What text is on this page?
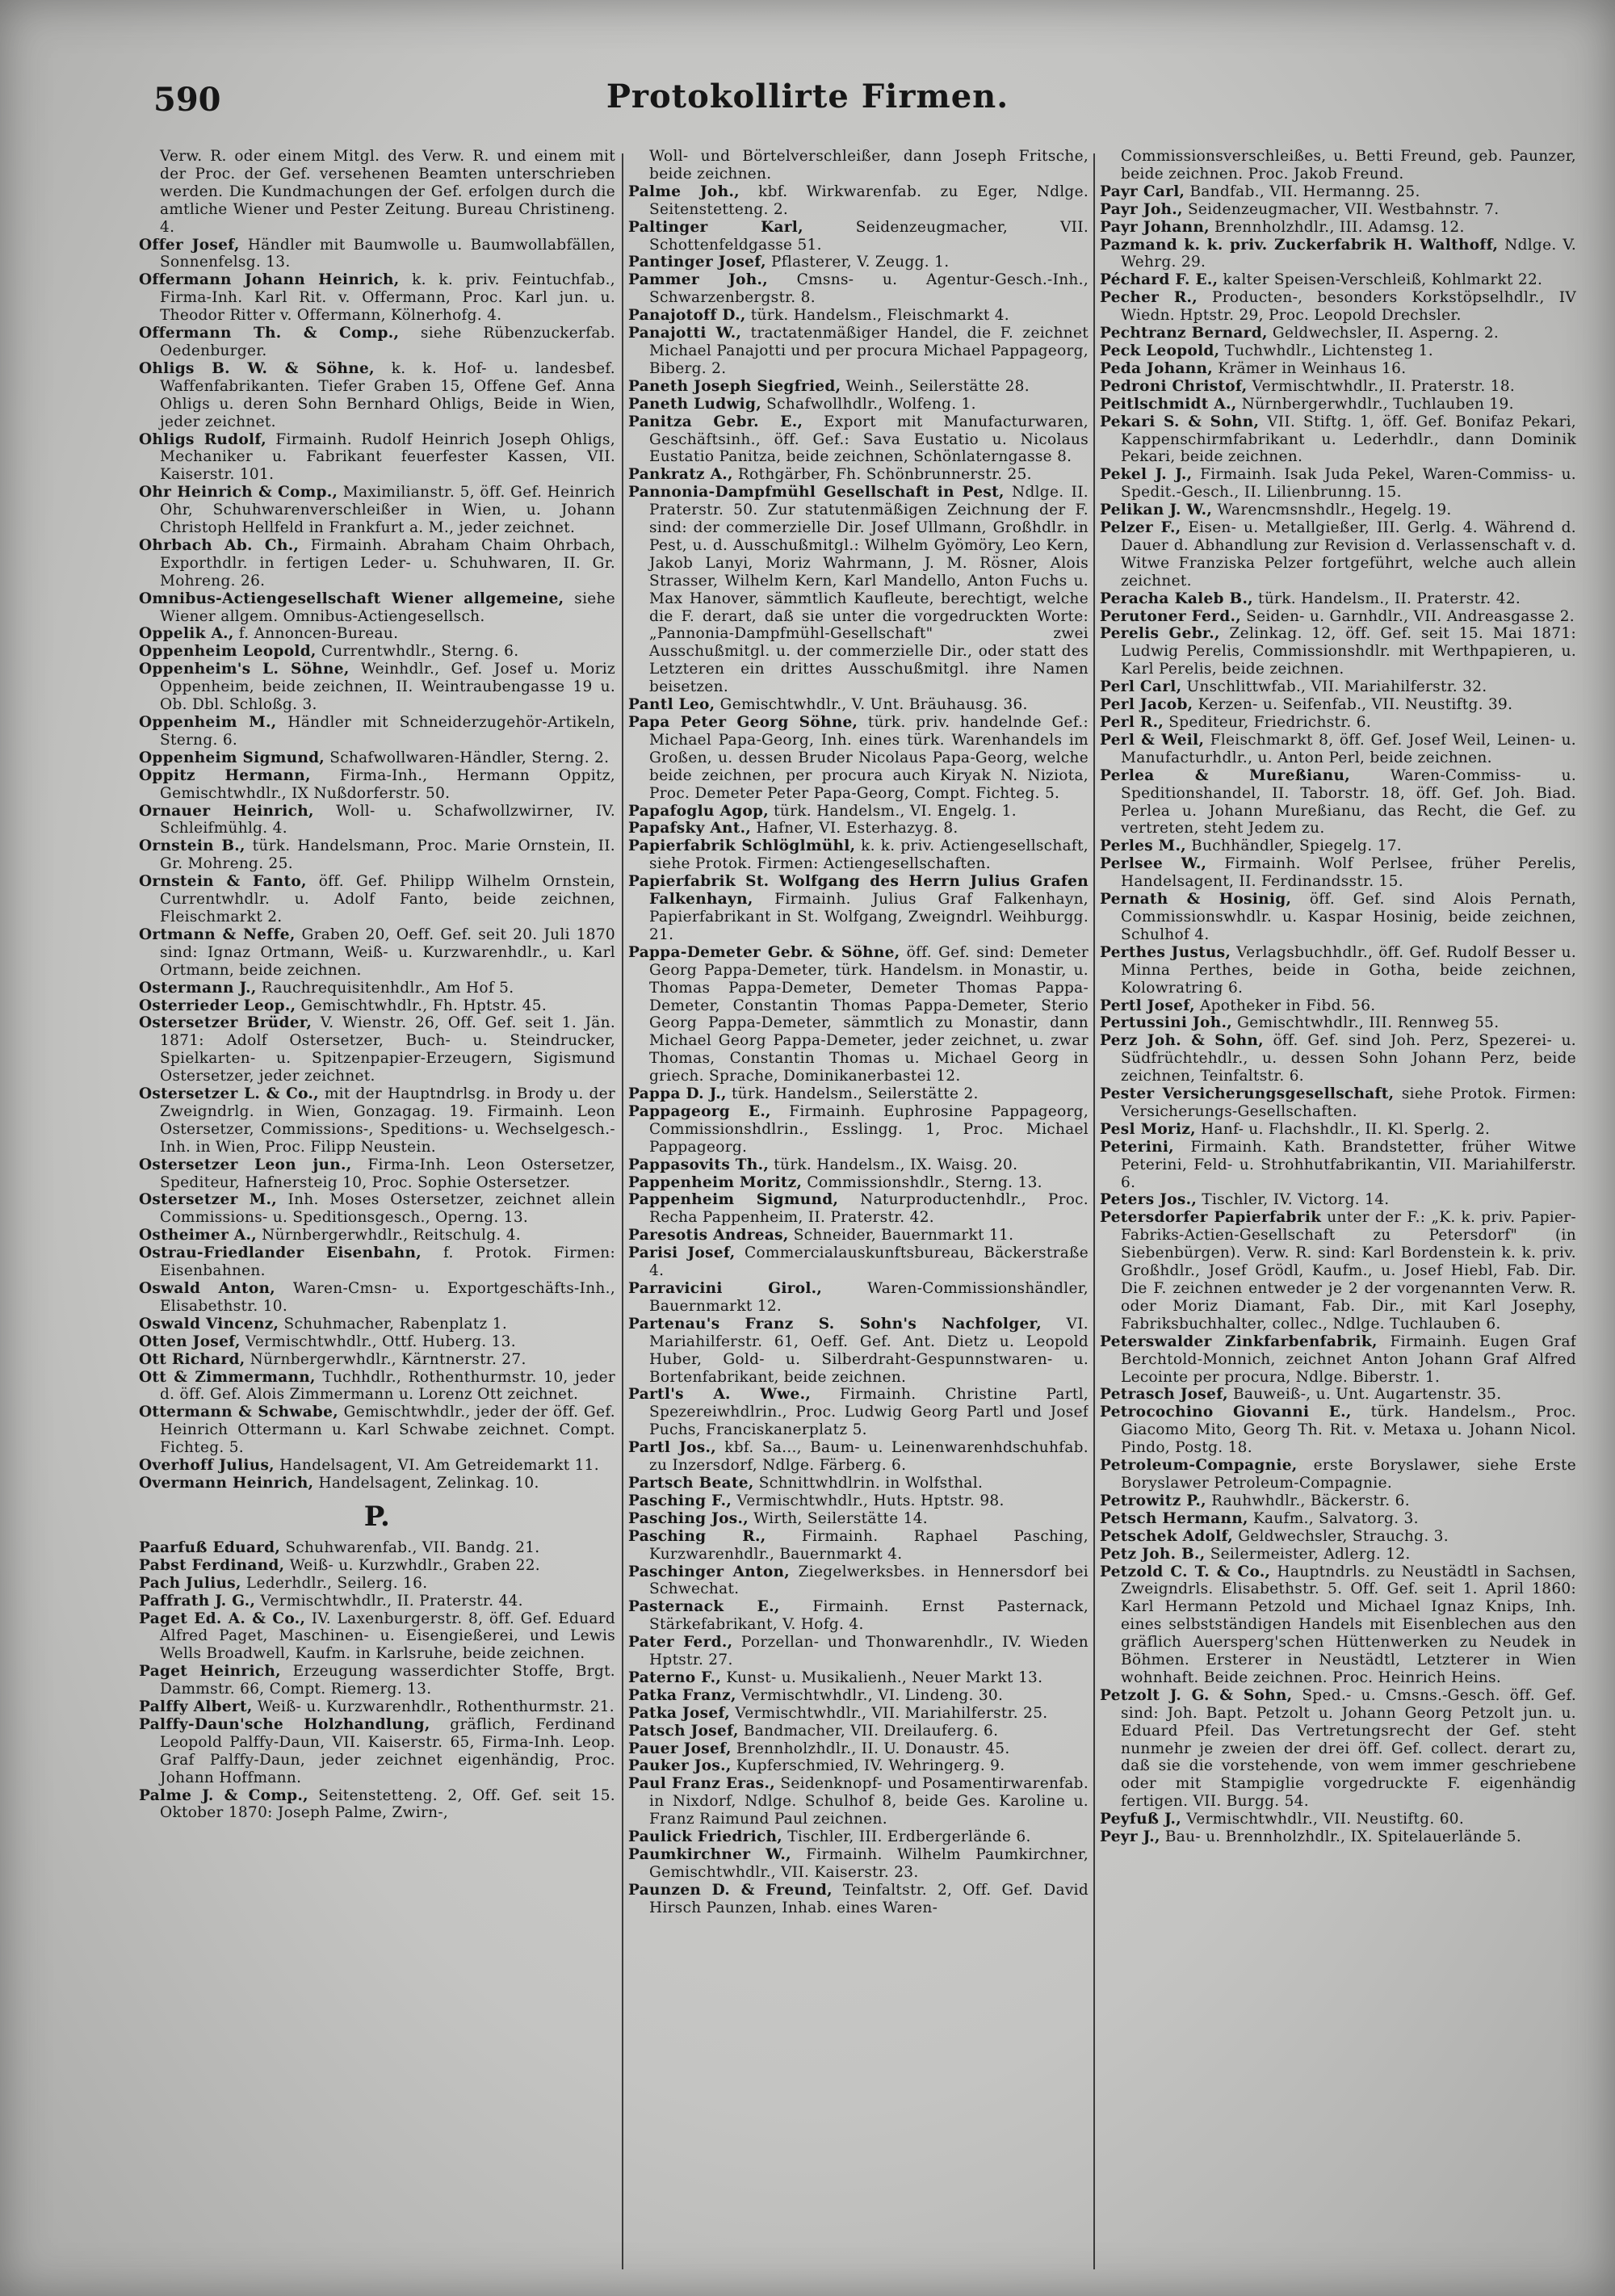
590	Protokollirte Firmen.

Verw. R. oder einem Mitgl. des Verw. R. und einem mit der Proc. der Gef. versehenen Beamten unterschrieben werden. Die Kundmachungen der Gef. erfolgen durch die amtliche Wiener und Pester Zeitung. Bureau Christineng. 4.

Offer Josef, Händler mit Baumwolle u. Baumwollabfällen, Sonnenfelsg. 13.

Offermann Johann Heinrich, k. k. priv. Feintuchfab., Firma-Inh. Karl Rit. v. Offermann, Proc. Karl jun. u. Theodor Ritter v. Offermann, Kölnerhofg. 4.

Offermann Th. & Comp., siehe Rübenzuckerfab. Oedenburger.

Ohligs B. W. & Söhne, k. k. Hof- u. landesbef. Waffenfabrikanten. Tiefer Graben 15, Offene Gef. Anna Ohligs u. deren Sohn Bernhard Ohligs, Beide in Wien, jeder zeichnet.

Ohligs Rudolf, Firmainh. Rudolf Heinrich Joseph Ohligs, Mechaniker u. Fabrikant feuerfester Kassen, VII. Kaiserstr. 101.

Ohr Heinrich & Comp., Maximilianstr. 5, öff. Gef. Heinrich Ohr, Schuhwarenverschleißer in Wien, u. Johann Christoph Hellfeld in Frankfurt a. M., jeder zeichnet.

Ohrbach Ab. Ch., Firmainh. Abraham Chaim Ohrbach, Exporthdlr. in fertigen Leder- u. Schuhwaren, II. Gr. Mohreng. 26.

Omnibus-Actiengesellschaft Wiener allgemeine, siehe Wiener allgem. Omnibus-Actiengesellsch.

Oppelik A., f. Annoncen-Bureau.

Oppenheim Leopold, Currentwhdlr., Sterng. 6.

Oppenheim's L. Söhne, Weinhdlr., Gef. Josef u. Moriz Oppenheim, beide zeichnen, II. Weintraubengasse 19 u. Ob. Dbl. Schloßg. 3.

Oppenheim M., Händler mit Schneiderzugehör-Artikeln, Sterng. 6.

Oppenheim Sigmund, Schafwollwaren-Händler, Sterng. 2.

Oppitz Hermann, Firma-Inh., Hermann Oppitz, Gemischtwhdlr., IX Nußdorferstr. 50.

Ornauer Heinrich, Woll- u. Schafwollzwirner, IV. Schleifmühlg. 4.

Ornstein B., türk. Handelsmann, Proc. Marie Ornstein, II. Gr. Mohreng. 25.

Ornstein & Fanto, öff. Gef. Philipp Wilhelm Ornstein, Currentwhdlr. u. Adolf Fanto, beide zeichnen, Fleischmarkt 2.

Ortmann & Neffe, Graben 20, Oeff. Gef. seit 20. Juli 1870 sind: Ignaz Ortmann, Weiß- u. Kurzwarenhdlr., u. Karl Ortmann, beide zeichnen.

Ostermann J., Rauchrequisitenhdlr., Am Hof 5.

Osterrieder Leop., Gemischtwhdlr., Fh. Hptstr. 45.

Ostersetzer Brüder, V. Wienstr. 26, Off. Gef. seit 1. Jän. 1871: Adolf Ostersetzer, Buch- u. Steindrucker, Spielkarten- u. Spitzenpapier-Erzeugern, Sigismund Ostersetzer, jeder zeichnet.

Ostersetzer L. & Co., mit der Hauptndrlsg. in Brody u. der Zweigndrlg. in Wien, Gonzagag. 19. Firmainh. Leon Ostersetzer, Commissions-, Speditions- u. Wechselgesch.-Inh. in Wien, Proc. Filipp Neustein.

Ostersetzer Leon jun., Firma-Inh. Leon Ostersetzer, Spediteur, Hafnersteig 10, Proc. Sophie Ostersetzer.

Ostersetzer M., Inh. Moses Ostersetzer, zeichnet allein Commissions- u. Speditionsgesch., Operng. 13.

Ostheimer A., Nürnbergerwhdlr., Reitschulg. 4.

Ostrau-Friedlander Eisenbahn, f. Protok. Firmen: Eisenbahnen.

Oswald Anton, Waren-Cmsn- u. Exportgeschäfts-Inh., Elisabethstr. 10.

Oswald Vincenz, Schuhmacher, Rabenplatz 1.

Otten Josef, Vermischtwhdlr., Ottf. Huberg. 13.

Ott Richard, Nürnbergerwhdlr., Kärntnerstr. 27.

Ott & Zimmermann, Tuchhdlr., Rothenthurmstr. 10, jeder d. öff. Gef. Alois Zimmermann u. Lorenz Ott zeichnet.

Ottermann & Schwabe, Gemischtwhdlr., jeder der öff. Gef. Heinrich Ottermann u. Karl Schwabe zeichnet. Compt. Fichteg. 5.

Overhoff Julius, Handelsagent, VI. Am Getreidemarkt 11.

Overmann Heinrich, Handelsagent, Zelinkag. 10.

P.

Paarfuß Eduard, Schuhwarenfab., VII. Bandg. 21.

Pabst Ferdinand, Weiß- u. Kurzwhdlr., Graben 22.

Pach Julius, Lederhdlr., Seilerg. 16.

Paffrath J. G., Vermischtwhdlr., II. Praterstr. 44.

Paget Ed. A. & Co., IV. Laxenburgerstr. 8, öff. Gef. Eduard Alfred Paget, Maschinen- u. Eisengießerei, und Lewis Wells Broadwell, Kaufm. in Karlsruhe, beide zeichnen.

Paget Heinrich, Erzeugung wasserdichter Stoffe, Brgt. Dammstr. 66, Compt. Riemerg. 13.

Palffy Albert, Weiß- u. Kurzwarenhdlr., Rothenthurmstr. 21.

Palffy-Daun'sche Holzhandlung, gräflich, Ferdinand Leopold Palffy-Daun, VII. Kaiserstr. 65, Firma-Inh. Leop. Graf Palffy-Daun, jeder zeichnet eigenhändig, Proc. Johann Hoffmann.

Palme J. & Comp., Seitenstetteng. 2, Off. Gef. seit 15. Oktober 1870: Joseph Palme, Zwirn-,

Woll- und Börtelverschleißer, dann Joseph Fritsche, beide zeichnen.

Palme Joh., kbf. Wirkwarenfab. zu Eger, Ndlge. Seitenstetteng. 2.

Paltinger Karl, Seidenzeugmacher, VII. Schottenfeldgasse 51.

Pantinger Josef, Pflasterer, V. Zeugg. 1.

Pammer Joh., Cmsns- u. Agentur-Gesch.-Inh., Schwarzenbergstr. 8.

Panajotoff D., türk. Handelsm., Fleischmarkt 4.

Panajotti W., tractatenmäßiger Handel, die F. zeichnet Michael Panajotti und per procura Michael Pappageorg, Biberg. 2.

Paneth Joseph Siegfried, Weinh., Seilerstätte 28.

Paneth Ludwig, Schafwollhdlr., Wolfeng. 1.

Panitza Gebr. E., Export mit Manufacturwaren, Geschäftsinh., öff. Gef.: Sava Eustatio u. Nicolaus Eustatio Panitza, beide zeichnen, Schönlaterngasse 8.

Pankratz A., Rothgärber, Fh. Schönbrunnerstr. 25.

Pannonia-Dampfmühl Gesellschaft in Pest, Ndlge. II. Praterstr. 50. Zur statutenmäßigen Zeichnung der F. sind: der commerzielle Dir. Josef Ullmann, Großhdlr. in Pest, u. d. Ausschußmitgl.: Wilhelm Gyömöry, Leo Kern, Jakob Lanyi, Moriz Wahrmann, J. M. Rösner, Alois Strasser, Wilhelm Kern, Karl Mandello, Anton Fuchs u. Max Hanover, sämmtlich Kaufleute, berechtigt, welche die F. derart, daß sie unter die vorgedruckten Worte: „Pannonia-Dampfmühl-Gesellschaft" zwei Ausschußmitgl. u. der commerzielle Dir., oder statt des Letzteren ein drittes Ausschußmitgl. ihre Namen beisetzen.

Pantl Leo, Gemischtwhdlr., V. Unt. Bräuhausg. 36.

Papa Peter Georg Söhne, türk. priv. handelnde Gef.: Michael Papa-Georg, Inh. eines türk. Warenhandels im Großen, u. dessen Bruder Nicolaus Papa-Georg, welche beide zeichnen, per procura auch Kiryak N. Niziota, Proc. Demeter Peter Papa-Georg, Compt. Fichteg. 5.

Papafoglu Agop, türk. Handelsm., VI. Engelg. 1.

Papafsky Ant., Hafner, VI. Esterhazyg. 8.

Papierfabrik Schlöglmühl, k. k. priv. Actiengesellschaft, siehe Protok. Firmen: Actiengesellschaften.

Papierfabrik St. Wolfgang des Herrn Julius Grafen Falkenhayn, Firmainh. Julius Graf Falkenhayn, Papierfabrikant in St. Wolfgang, Zweigndrl. Weihburgg. 21.

Pappa-Demeter Gebr. & Söhne, öff. Gef. sind: Demeter Georg Pappa-Demeter, türk. Handelsm. in Monastir, u. Thomas Pappa-Demeter, Demeter Thomas Pappa-Demeter, Constantin Thomas Pappa-Demeter, Sterio Georg Pappa-Demeter, sämmtlich zu Monastir, dann Michael Georg Pappa-Demeter, jeder zeichnet, u. zwar Thomas, Constantin Thomas u. Michael Georg in griech. Sprache, Dominikanerbastei 12.

Pappa D. J., türk. Handelsm., Seilerstätte 2.

Pappageorg E., Firmainh. Euphrosine Pappageorg, Commissionshdlrin., Esslingg. 1, Proc. Michael Pappageorg.

Pappasovits Th., türk. Handelsm., IX. Waisg. 20.

Pappenheim Moritz, Commissionshdlr., Sterng. 13.

Pappenheim Sigmund, Naturproductenhdlr., Proc. Recha Pappenheim, II. Praterstr. 42.

Paresotis Andreas, Schneider, Bauernmarkt 11.

Parisi Josef, Commercialauskunftsbureau, Bäckerstraße 4.

Parravicini Girol., Waren-Commissionshändler, Bauernmarkt 12.

Partenau's Franz S. Sohn's Nachfolger, VI. Mariahilferstr. 61, Oeff. Gef. Ant. Dietz u. Leopold Huber, Gold- u. Silberdraht-Gespunnstwaren- u. Bortenfabrikant, beide zeichnen.

Partl's A. Wwe., Firmainh. Christine Partl, Spezereiwhdlrin., Proc. Ludwig Georg Partl und Josef Puchs, Franciskanerplatz 5.

Partl Jos., kbf. Sa..., Baum- u. Leinenwarenhdschuhfab. zu Inzersdorf, Ndlge. Färberg. 6.

Partsch Beate, Schnittwhdlrin. in Wolfsthal.

Pasching F., Vermischtwhdlr., Huts. Hptstr. 98.

Pasching Jos., Wirth, Seilerstätte 14.

Pasching R., Firmainh. Raphael Pasching, Kurzwarenhdlr., Bauernmarkt 4.

Paschinger Anton, Ziegelwerksbes. in Hennersdorf bei Schwechat.

Pasternack E., Firmainh. Ernst Pasternack, Stärkefabrikant, V. Hofg. 4.

Pater Ferd., Porzellan- und Thonwarenhdlr., IV. Wieden Hptstr. 27.

Paterno F., Kunst- u. Musikalienh., Neuer Markt 13.

Patka Franz, Vermischtwhdlr., VI. Lindeng. 30.

Patka Josef, Vermischtwhdlr., VII. Mariahilferstr. 25.

Patsch Josef, Bandmacher, VII. Dreilauferg. 6.

Pauer Josef, Brennholzhdlr., II. U. Donaustr. 45.

Pauker Jos., Kupferschmied, IV. Wehringerg. 9.

Paul Franz Eras., Seidenknopf- und Posamentirwarenfab. in Nixdorf, Ndlge. Schulhof 8, beide Ges. Karoline u. Franz Raimund Paul zeichnen.

Paulick Friedrich, Tischler, III. Erdbergerlände 6.

Paumkirchner W., Firmainh. Wilhelm Paumkirchner, Gemischtwhdlr., VII. Kaiserstr. 23.

Paunzen D. & Freund, Teinfaltstr. 2, Off. Gef. David Hirsch Paunzen, Inhab. eines Waren-

Commissionsverschleißes, u. Betti Freund, geb. Paunzer, beide zeichnen. Proc. Jakob Freund.

Payr Carl, Bandfab., VII. Hermanng. 25.

Payr Joh., Seidenzeugmacher, VII. Westbahnstr. 7.

Payr Johann, Brennholzhdlr., III. Adamsg. 12.

Pazmand k. k. priv. Zuckerfabrik H. Walthoff, Ndlge. V. Wehrg. 29.

Péchard F. E., kalter Speisen-Verschleiß, Kohlmarkt 22.

Pecher R., Producten-, besonders Korkstöpselhdlr., IV Wiedn. Hptstr. 29, Proc. Leopold Drechsler.

Pechtranz Bernard, Geldwechsler, II. Asperng. 2.

Peck Leopold, Tuchwhdlr., Lichtensteg 1.

Peda Johann, Krämer in Weinhaus 16.

Pedroni Christof, Vermischtwhdlr., II. Praterstr. 18.

Peitlschmidt A., Nürnbergerwhdlr., Tuchlauben 19.

Pekari S. & Sohn, VII. Stiftg. 1, öff. Gef. Bonifaz Pekari, Kappenschirmfabrikant u. Lederhdlr., dann Dominik Pekari, beide zeichnen.

Pekel J. J., Firmainh. Isak Juda Pekel, Waren-Commiss- u. Spedit.-Gesch., II. Lilienbrunng. 15.

Pelikan J. W., Warencmsnshdlr., Hegelg. 19.

Pelzer F., Eisen- u. Metallgießer, III. Gerlg. 4. Während d. Dauer d. Abhandlung zur Revision d. Verlassenschaft v. d. Witwe Franziska Pelzer fortgeführt, welche auch allein zeichnet.

Peracha Kaleb B., türk. Handelsm., II. Praterstr. 42.

Perutoner Ferd., Seiden- u. Garnhdlr., VII. Andreasgasse 2.

Perelis Gebr., Zelinkag. 12, öff. Gef. seit 15. Mai 1871: Ludwig Perelis, Commissionshdlr. mit Werthpapieren, u. Karl Perelis, beide zeichnen.

Perl Carl, Unschlittwfab., VII. Mariahilferstr. 32.

Perl Jacob, Kerzen- u. Seifenfab., VII. Neustiftg. 39.

Perl R., Spediteur, Friedrichstr. 6.

Perl & Weil, Fleischmarkt 8, öff. Gef. Josef Weil, Leinen- u. Manufacturhdlr., u. Anton Perl, beide zeichnen.

Perlea & Mureßianu, Waren-Commiss- u. Speditionshandel, II. Taborstr. 18, öff. Gef. Joh. Biad. Perlea u. Johann Mureßianu, das Recht, die Gef. zu vertreten, steht Jedem zu.

Perles M., Buchhändler, Spiegelg. 17.

Perlsee W., Firmainh. Wolf Perlsee, früher Perelis, Handelsagent, II. Ferdinandsstr. 15.

Pernath & Hosinig, öff. Gef. sind Alois Pernath, Commissionswhdlr. u. Kaspar Hosinig, beide zeichnen, Schulhof 4.

Perthes Justus, Verlagsbuchhdlr., öff. Gef. Rudolf Besser u. Minna Perthes, beide in Gotha, beide zeichnen, Kolowratring 6.

Pertl Josef, Apotheker in Fibd. 56.

Pertussini Joh., Gemischtwhdlr., III. Rennweg 55.

Perz Joh. & Sohn, öff. Gef. sind Joh. Perz, Spezerei- u. Südfrüchtehdlr., u. dessen Sohn Johann Perz, beide zeichnen, Teinfaltstr. 6.

Pester Versicherungsgesellschaft, siehe Protok. Firmen: Versicherungs-Gesellschaften.

Pesl Moriz, Hanf- u. Flachshdlr., II. Kl. Sperlg. 2.

Peterini, Firmainh. Kath. Brandstetter, früher Witwe Peterini, Feld- u. Strohhutfabrikantin, VII. Mariahilferstr. 6.

Peters Jos., Tischler, IV. Victorg. 14.

Petersdorfer Papierfabrik unter der F.: „K. k. priv. Papier-Fabriks-Actien-Gesellschaft zu Petersdorf" (in Siebenbürgen). Verw. R. sind: Karl Bordenstein k. k. priv. Großhdlr., Josef Grödl, Kaufm., u. Josef Hiebl, Fab. Dir. Die F. zeichnen entweder je 2 der vorgenannten Verw. R. oder Moriz Diamant, Fab. Dir., mit Karl Josephy, Fabriksbuchhalter, collec., Ndlge. Tuchlauben 6.

Peterswalder Zinkfarbenfabrik, Firmainh. Eugen Graf Berchtold-Monnich, zeichnet Anton Johann Graf Alfred Lecointe per procura, Ndlge. Biberstr. 1.

Petrasch Josef, Bauweiß-, u. Unt. Augartenstr. 35.

Petrocochino Giovanni E., türk. Handelsm., Proc. Giacomo Mito, Georg Th. Rit. v. Metaxa u. Johann Nicol. Pindo, Postg. 18.

Petroleum-Compagnie, erste Boryslawer, siehe Erste Boryslawer Petroleum-Compagnie.

Petrowitz P., Rauhwhdlr., Bäckerstr. 6.

Petsch Hermann, Kaufm., Salvatorg. 3.

Petschek Adolf, Geldwechsler, Strauchg. 3.

Petz Joh. B., Seilermeister, Adlerg. 12.

Petzold C. T. & Co., Hauptndrls. zu Neustädtl in Sachsen, Zweigndrls. Elisabethstr. 5. Off. Gef. seit 1. April 1860: Karl Hermann Petzold und Michael Ignaz Knips, Inh. eines selbstständigen Handels mit Eisenblechen aus den gräflich Auersperg'schen Hüttenwerken zu Neudek in Böhmen. Ersterer in Neustädtl, Letzterer in Wien wohnhaft. Beide zeichnen. Proc. Heinrich Heins.

Petzolt J. G. & Sohn, Sped.- u. Cmsns.-Gesch. öff. Gef. sind: Joh. Bapt. Petzolt u. Johann Georg Petzolt jun. u. Eduard Pfeil. Das Vertretungsrecht der Gef. steht nunmehr je zweien der drei öff. Gef. collect. derart zu, daß sie die vorstehende, von wem immer geschriebene oder mit Stampiglie vorgedruckte F. eigenhändig fertigen. VII. Burgg. 54.

Peyfuß J., Vermischtwhdlr., VII. Neustiftg. 60.

Peyr J., Bau- u. Brennholzhdlr., IX. Spitelauerlände 5.
